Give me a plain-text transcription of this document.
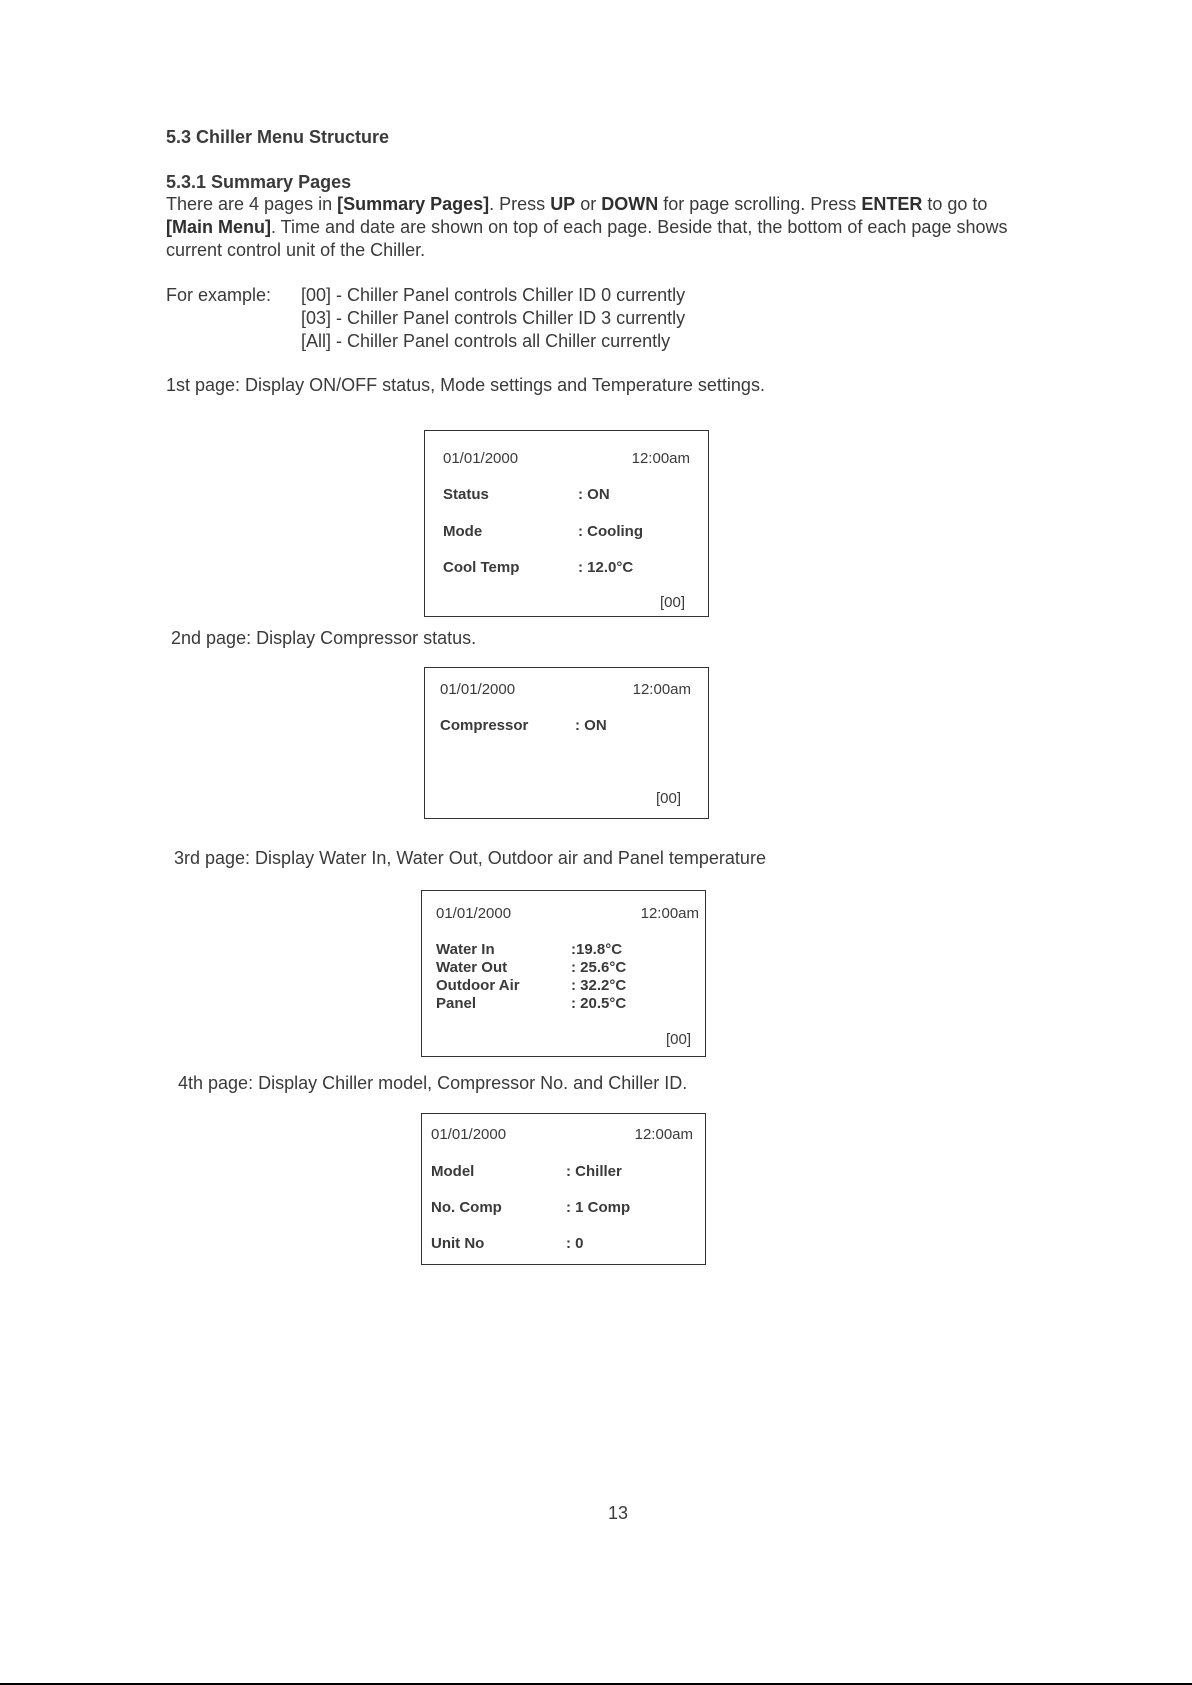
5.3 Chiller Menu Structure
5.3.1 Summary Pages
There are 4 pages in [Summary Pages]. Press UP or DOWN for page scrolling. Press ENTER to go to
[Main Menu]. Time and date are shown on top of each page. Beside that, the bottom of each page shows
current control unit of the Chiller.
For example: [00] - Chiller Panel controls Chiller ID 0 currently
[03] - Chiller Panel controls Chiller ID 3 currently
[All] - Chiller Panel controls all Chiller currently
1st page: Display ON/OFF status, Mode settings and Temperature settings.
01/01/2000	12:00am
Status	: ON
Mode	: Cooling
Cool Temp	: 12.0°C
[00]
2nd page: Display Compressor status.
01/01/2000	12:00am
Compressor	: ON
[00]
3rd page: Display Water In, Water Out, Outdoor air and Panel temperature
01/01/2000	12:00am
Water In	:19.8°C
Water Out	: 25.6°C
Outdoor Air	: 32.2°C
Panel	: 20.5°C
[00]
4th page: Display Chiller model, Compressor No. and Chiller ID.
01/01/2000	12:00am
Model	: Chiller
No. Comp	: 1 Comp
Unit No	: 0
13
